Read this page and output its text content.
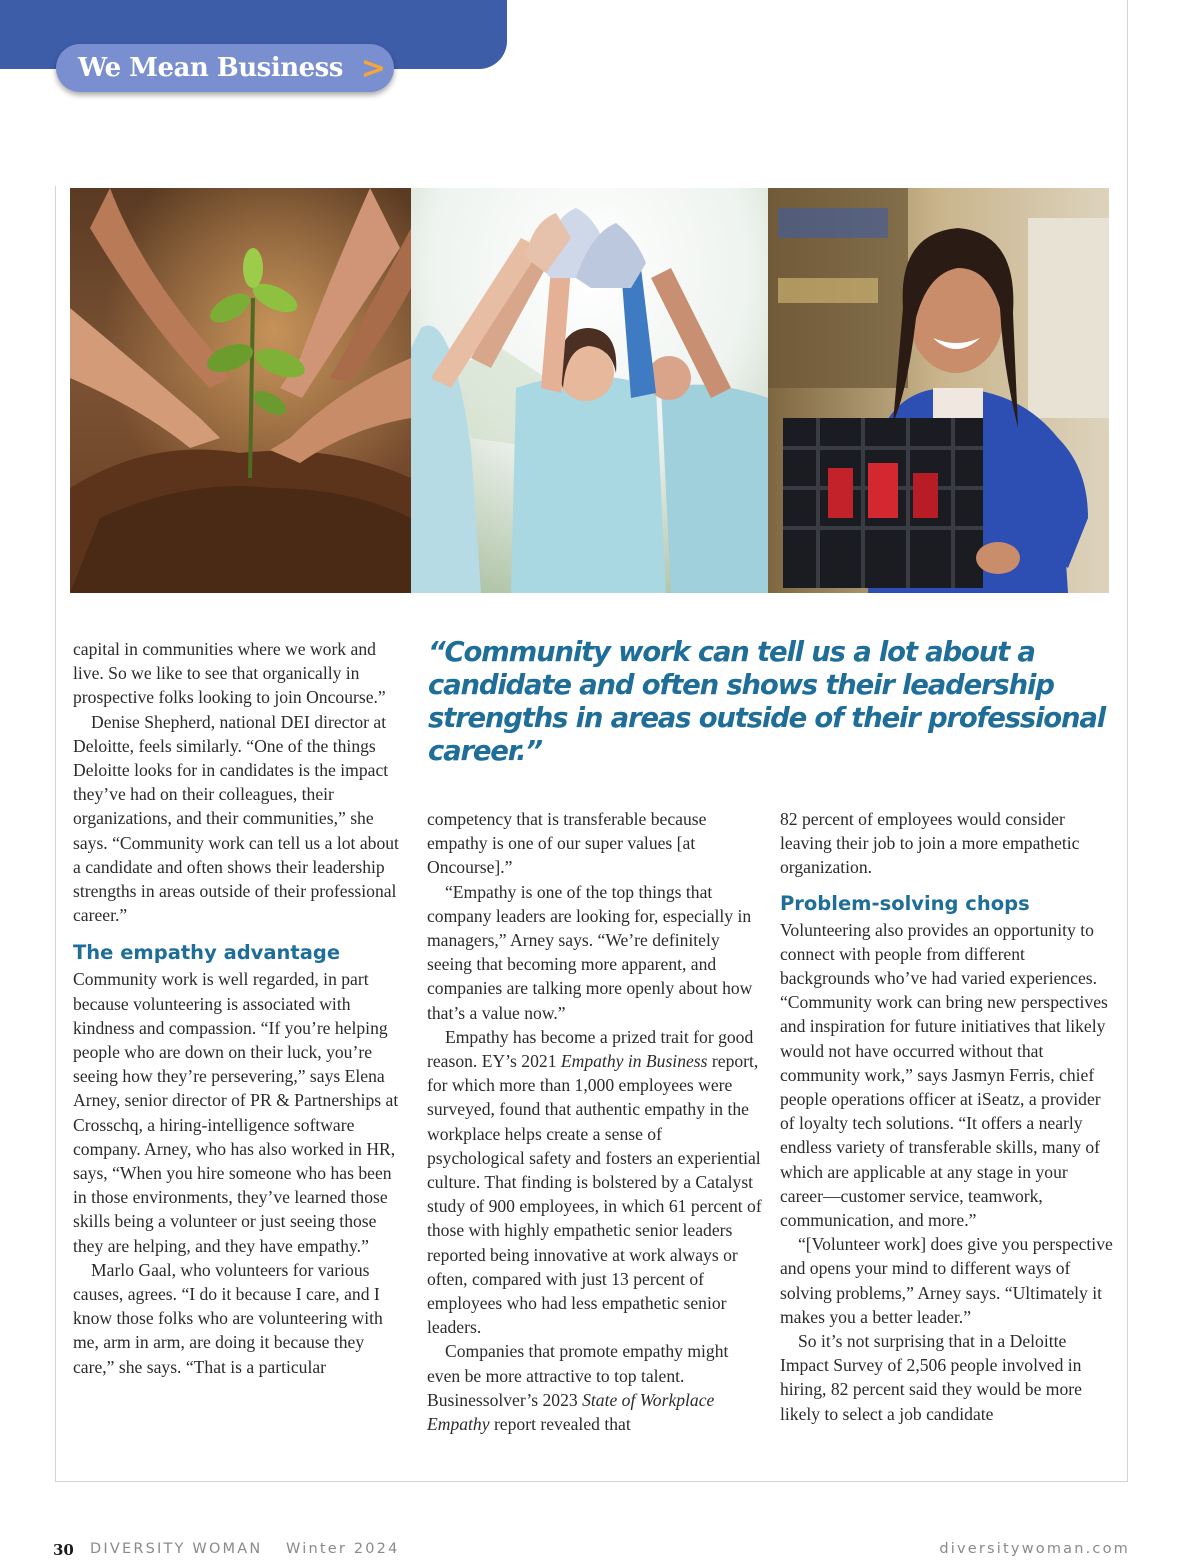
We Mean Business >
“Community work can tell us a lot about a candidate and often shows their leadership strengths in areas outside of their professional career.”

capital in communities where we work and live. So we like to see that organically in prospective folks looking to join Oncourse.”

Denise Shepherd, national DEI director at Deloitte, feels similarly. “One of the things Deloitte looks for in candidates is the impact they’ve had on their colleagues, their organizations, and their communities,” she says. “Community work can tell us a lot about a candidate and often shows their leadership strengths in areas outside of their professional career.”

The empathy advantage

Community work is well regarded, in part because volunteering is associated with kindness and compassion. “If you’re helping people who are down on their luck, you’re seeing how they’re persevering,” says Elena Arney, senior director of PR & Partnerships at Crosschq, a hiring-intelligence software company. Arney, who has also worked in HR, says, “When you hire someone who has been in those environments, they’ve learned those skills being a volunteer or just seeing those they are helping, and they have empathy.”

Marlo Gaal, who volunteers for various causes, agrees. “I do it because I care, and I know those folks who are volunteering with me, arm in arm, are doing it because they care,” she says. “That is a particular

competency that is transferable because empathy is one of our super values [at Oncourse].”

“Empathy is one of the top things that company leaders are looking for, especially in managers,” Arney says. “We’re definitely seeing that becoming more apparent, and companies are talking more openly about how that’s a value now.”

Empathy has become a prized trait for good reason. EY’s 2021 Empathy in Business report, for which more than 1,000 employees were surveyed, found that authentic empathy in the workplace helps create a sense of psychological safety and fosters an experiential culture. That finding is bolstered by a Catalyst study of 900 employees, in which 61 percent of those with highly empathetic senior leaders reported being innovative at work always or often, compared with just 13 percent of employees who had less empathetic senior leaders.

Companies that promote empathy might even be more attractive to top talent. Businessolver’s 2023 State of Workplace Empathy report revealed that

82 percent of employees would consider leaving their job to join a more empathetic organization.

Problem-solving chops

Volunteering also provides an opportunity to connect with people from different backgrounds who’ve had varied experiences. “Community work can bring new perspectives and inspiration for future initiatives that likely would not have occurred without that community work,” says Jasmyn Ferris, chief people operations officer at iSeatz, a provider of loyalty tech solutions. “It offers a nearly endless variety of transferable skills, many of which are applicable at any stage in your career—customer service, teamwork, communication, and more.”

“[Volunteer work] does give you perspective and opens your mind to different ways of solving problems,” Arney says. “Ultimately it makes you a better leader.”

So it’s not surprising that in a Deloitte Impact Survey of 2,506 people involved in hiring, 82 percent said they would be more likely to select a job candidate

30 DIVERSITY WOMAN Winter 2024	diversitywoman.com
